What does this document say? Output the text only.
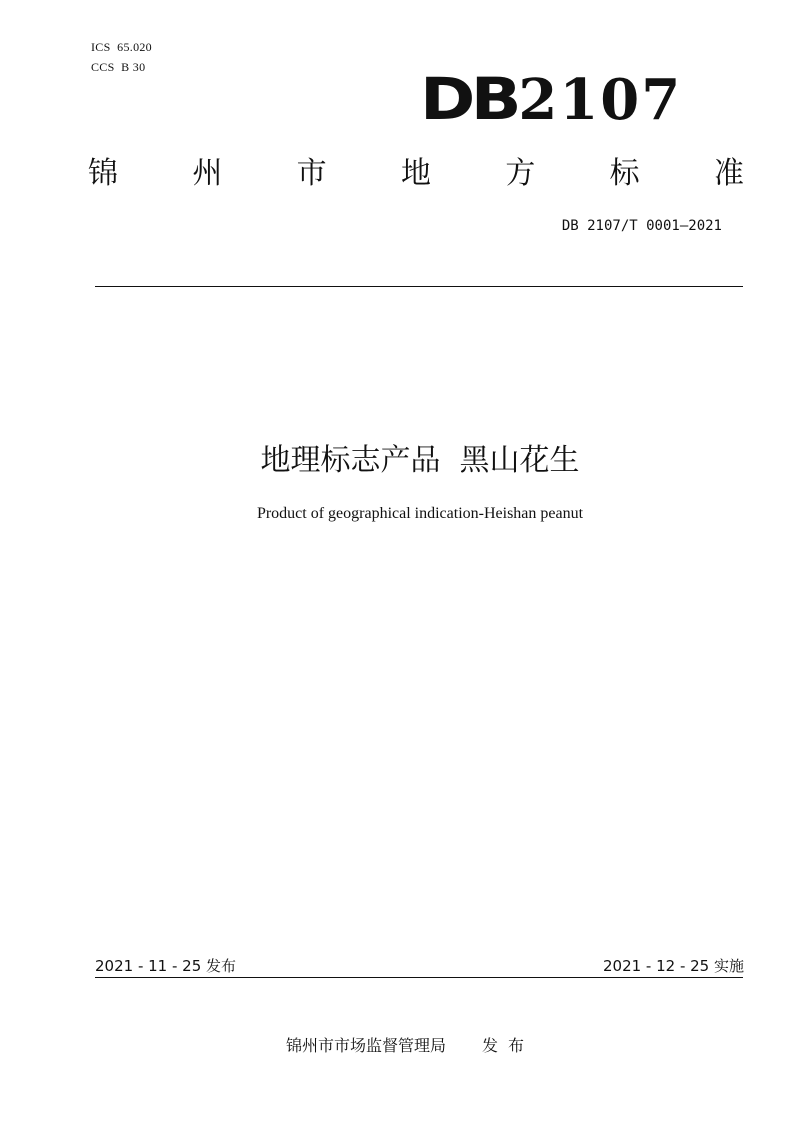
ICS  65.020
CCS  B 30	DB2107
锦 州 市 地 方 标 准
DB 2107/T 0001—2021
地理标志产品  黑山花生
Product of geographical indication-Heishan peanut
2021 - 11 - 25 发布	2021 - 12 - 25 实施
锦州市市场监督管理局 发布
